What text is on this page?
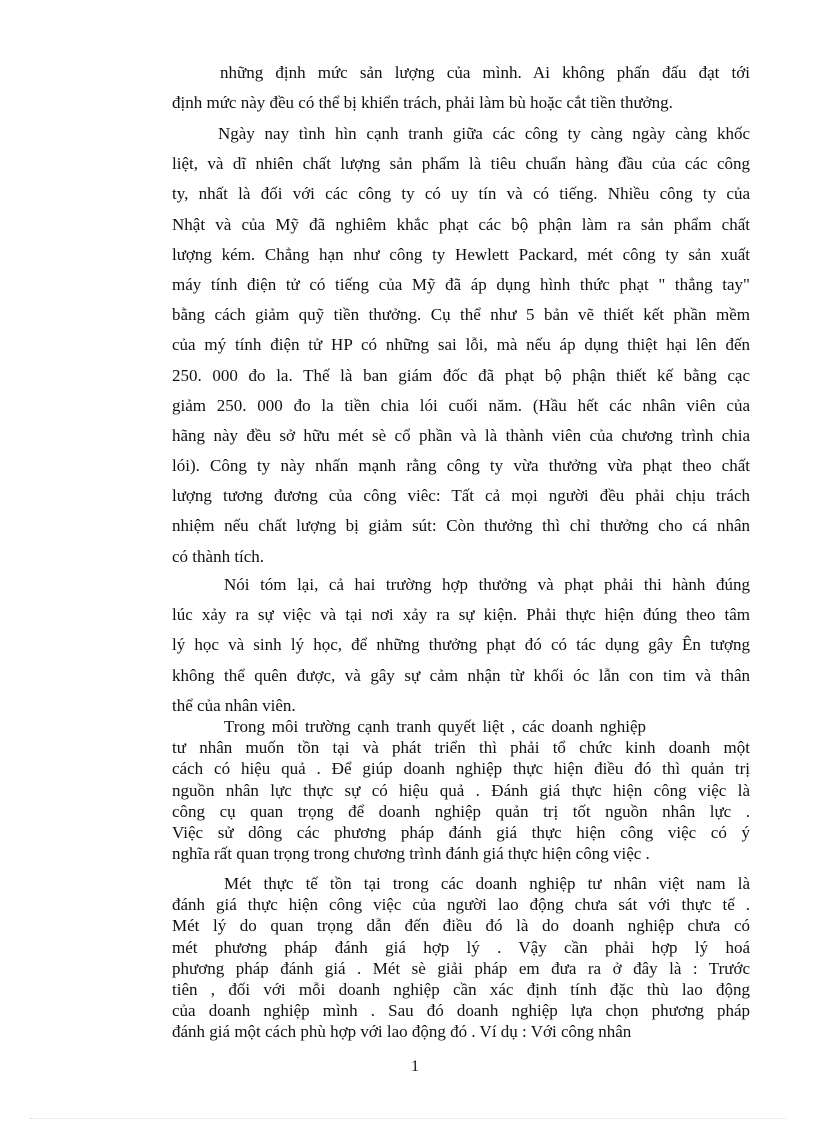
những định mức sản lượng của mình. Ai không phấn đấu đạt tới
định mức này đều có thể bị khiển trách, phải làm bù hoặc cắt tiền thưởng.
Ngày nay tình hìn cạnh tranh giữa các công ty càng ngày càng khốc
liệt, và dĩ nhiên chất lượng sản phẩm là tiêu chuẩn hàng đầu của các công
ty, nhất là đối với các công ty có uy tín và có tiếng. Nhiều công ty của
Nhật và của Mỹ đã nghiêm khắc phạt các bộ phận làm ra sản phẩm chất
lượng kém. Chẳng hạn như công ty Hewlett Packard, mét công ty sản xuất
máy tính điện tử có tiếng của Mỹ đã áp dụng hình thức phạt " thẳng tay"
bằng cách giảm quỹ tiền thưởng. Cụ thể như 5 bản vẽ thiết kết phần mềm
của mý tính điện tử HP có những sai lỗi, mà nếu áp dụng thiệt hại lên đến
250. 000 đo la. Thế là ban giám đốc đã phạt bộ phận thiết kế bằng cạc
giảm 250. 000 đo la tiền chia lói cuối năm. (Hầu hết các nhân viên của
hãng này đều sở hữu mét sè cổ phần và là thành viên của chương trình chia
lói). Công ty này nhấn mạnh rằng công ty vừa thưởng vừa phạt theo chất
lượng tương đương của công viêc: Tất cả mọi người đều phải chịu trách
nhiệm nếu chất lượng bị giảm sút: Còn thưởng thì chỉ thưởng cho cá nhân
có thành tích.
Nói tóm lại, cả hai trường hợp thưởng và phạt phải thi hành đúng
lúc xảy ra sự việc và tại nơi xảy ra sự kiện. Phải thực hiện đúng theo tâm
lý học và sinh lý học, để những thưởng phạt đó có tác dụng gây Ên tượng
không thể quên được, và gây sự cảm nhận từ khối óc lẫn con tim và thân
thể của nhân viên.
Trong môi trường cạnh tranh quyết liệt , các doanh nghiệp
tư nhân muốn tồn tại và phát triển thì phải tổ chức kinh doanh một
cách có hiệu quả . Để giúp doanh nghiệp thực hiện điều đó thì quản trị
nguồn nhân lực thực sự có hiệu quả . Đánh giá thực hiện công việc là
công cụ quan trọng để doanh nghiệp quản trị tốt nguồn nhân lực .
Việc sử dông các phương pháp đánh giá thực hiện công việc có ý
nghĩa rất quan trọng trong chương trình đánh giá thực hiện công việc .
Mét thực tế tồn tại trong các doanh nghiệp tư nhân việt nam là
đánh giá thực hiện công việc của người lao động chưa sát với thực tế .
Mét lý do quan trọng dẫn đến điều đó là do doanh nghiệp chưa có
mét phương pháp đánh giá hợp lý . Vậy cần phải hợp lý hoá
phương pháp đánh giá . Mét sè giải pháp em đưa ra ở đây là : Trước
tiên , đối với mỗi doanh nghiệp cần xác định tính đặc thù lao động
của doanh nghiệp mình . Sau đó doanh nghiệp lựa chọn phương pháp
đánh giá một cách phù hợp với lao động đó . Ví dụ : Với công nhân
1
